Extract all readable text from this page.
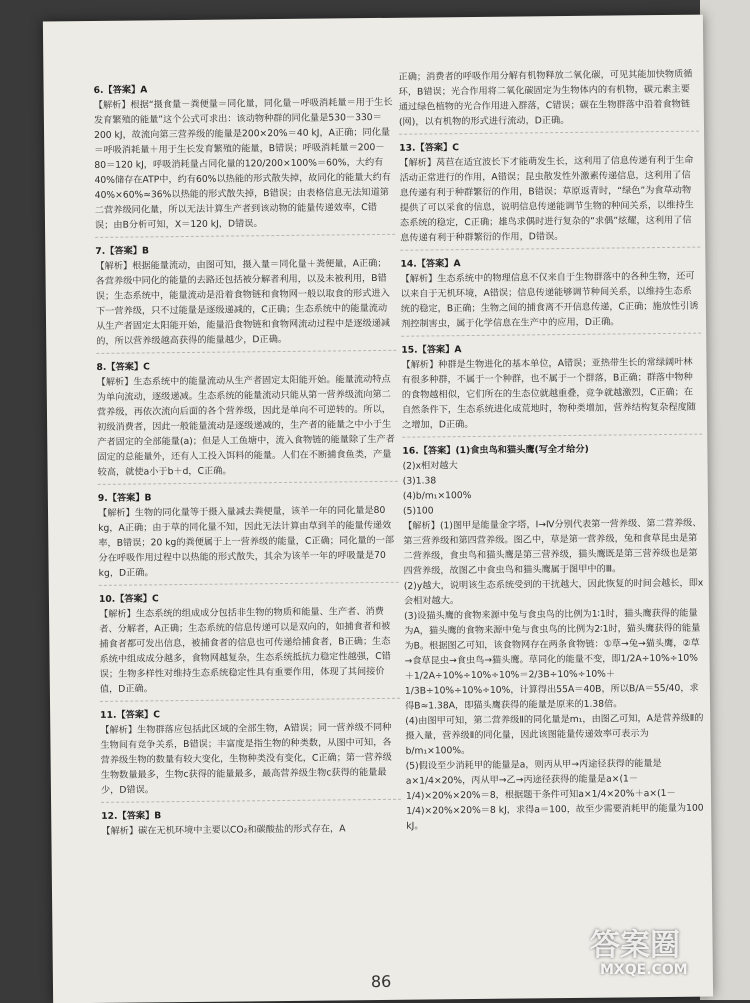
6.【答案】A
【解析】根据“摄食量－粪便量＝同化量，同化量－呼吸消耗量＝用于生长发育繁殖的能量”这个公式可求出：该动物种群的同化量是530－330＝200 kJ，故流向第三营养级的能量是200×20%＝40 kJ，A正确；同化量＝呼吸消耗量＋用于生长发育繁殖的能量，B错误；呼吸消耗量＝200－80＝120 kJ，呼吸消耗量占同化量的120/200×100%＝60%，大约有40%储存在ATP中，约有60%以热能的形式散失掉，故同化的能量大约有40%×60%≈36%以热能的形式散失掉，B错误；由表格信息无法知道第二营养级同化量，所以无法计算生产者到该动物的能量传递效率，C错误；由B分析可知，X＝120 kJ，D错误。
7.【答案】B
【解析】根据能量流动，由图可知，摄入量＝同化量＋粪便量，A正确；各营养级中同化的能量的去路还包括被分解者利用，以及未被利用，B错误；生态系统中，能量流动是沿着食物链和食物网一般以取食的形式进入下一营养级，只不过能量是逐级递减的，C正确；生态系统中的能量流动从生产者固定太阳能开始，能量沿食物链和食物网流动过程中是逐级递减的，所以营养级越高获得的能量越少，D正确。
8.【答案】C
【解析】生态系统中的能量流动从生产者固定太阳能开始。能量流动特点为单向流动，逐级递减。生态系统的能量流动只能从第一营养级流向第二营养级，再依次流向后面的各个营养级，因此是单向不可逆转的。所以，初级消费者，因此一般能量流动是逐级递减的，生产者的能量之中小于生产者固定的全部能量(a)；但是人工鱼塘中，流入食物链的能量除了生产者固定的总能量外，还有人工投入饵料的能量。人们在不断捕食鱼类，产量较高，就使a小于b＋d，C正确。
9.【答案】B
【解析】生物的同化量等于摄入量减去粪便量，该羊一年的同化量是80 kg，A正确；由于草的同化量不知，因此无法计算由草到羊的能量传递效率，B错误；20 kg的粪便属于上一营养级的能量，C正确；同化量的一部分在呼吸作用过程中以热能的形式散失，其余为该羊一年的呼吸量是70 kg，D正确。
10.【答案】C
【解析】生态系统的组成成分包括非生物的物质和能量、生产者、消费者、分解者，A正确；生态系统的信息传递可以是双向的，如捕食者和被捕食者都可发出信息，被捕食者的信息也可传递给捕食者，B正确；生态系统中组成成分越多，食物网越复杂，生态系统抵抗力稳定性越强，C错误；生物多样性对维持生态系统稳定性具有重要作用，体现了其间接价值，D正确。
11.【答案】C
【解析】生物群落应包括此区域的全部生物，A错误；同一营养级不同种生物间有竞争关系，B错误；丰富度是指生物的种类数，从图中可知，各营养级生物的数量有较大变化，生物种类没有变化，C正确；第一营养级生物数量最多，生物c获得的能量最多，最高营养级生物c获得的能量最少，D错误。
12.【答案】B
【解析】碳在无机环境中主要以CO₂和碳酸盐的形式存在，A
正确；消费者的呼吸作用分解有机物释放二氧化碳，可见其能加快物质循环，B错误；光合作用将二氧化碳固定为生物体内的有机物，碳元素主要通过绿色植物的光合作用进入群落，C错误；碳在生物群落中沿着食物链(网)，以有机物的形式进行流动，D正确。
13.【答案】C
【解析】莴苣在适宜波长下才能萌发生长，这利用了信息传递有利于生命活动正常进行的作用，A错误；昆虫散发性外激素传递信息，这利用了信息传递有利于种群繁衍的作用，B错误；草原返青时，“绿色”为食草动物提供了可以采食的信息，说明信息传递能调节生物的种间关系，以维持生态系统的稳定，C正确；雄鸟求偶时进行复杂的“求偶”炫耀，这利用了信息传递有利于种群繁衍的作用，D错误。
14.【答案】A
【解析】生态系统中的物理信息不仅来自于生物群落中的各种生物，还可以来自于无机环境，A错误；信息传递能够调节种间关系，以维持生态系统的稳定，B正确；生物之间的捕食离不开信息传递，C正确；施放性引诱剂控制害虫，属于化学信息在生产中的应用，D正确。
15.【答案】A
【解析】种群是生物进化的基本单位，A错误；亚热带生长的常绿阔叶林有很多种群，不属于一个种群，也不属于一个群落，B正确；群落中物种的食物越相似，它们所在的生态位就越重叠，竞争就越激烈，C正确；在自然条件下，生态系统进化成荒地时，物种类增加，营养结构复杂程度随之增加，D正确。
16.【答案】(1)食虫鸟和猫头鹰(写全才给分)
(2)x相对越大
(3)1.38
(4)b/m₁×100%
(5)100
【解析】(1)图甲是能量金字塔，Ⅰ→Ⅳ分别代表第一营养级、第二营养级、第三营养级和第四营养级。图乙中，草是第一营养级，兔和食草昆虫是第二营养级，食虫鸟和猫头鹰是第三营养级，猫头鹰既是第三营养级也是第四营养级，故图乙中食虫鸟和猫头鹰属于图甲中的Ⅲ。
(2)y越大，说明该生态系统受到的干扰越大，因此恢复的时间会越长，即x会相对越大。
(3)设猫头鹰的食物来源中兔与食虫鸟的比例为1∶1时，猫头鹰获得的能量为A，猫头鹰的食物来源中兔与食虫鸟的比例为2∶1时，猫头鹰获得的能量为B。根据图乙可知，该食物网存在两条食物链：①草→兔→猫头鹰，②草→食草昆虫→食虫鸟→猫头鹰。草同化的能量不变，即1/2A÷10%÷10%＋1/2A÷10%÷10%÷10%＝2/3B÷10%÷10%＋1/3B÷10%÷10%÷10%，计算得出55A＝40B，所以B/A＝55/40，求得B≈1.38A，即猫头鹰获得的能量是原来的1.38倍。
(4)由图甲可知，第二营养级Ⅱ的同化量是m₁，由图乙可知，A是营养级Ⅱ的摄入量，营养级Ⅱ的同化量，因此该图能量传递效率可表示为b/m₁×100%。
(5)假设至少消耗甲的能量是a，则丙从甲→丙途径获得的能量是a×1/4×20%，丙从甲→乙→丙途径获得的能量是a×(1－1/4)×20%×20%＝8，根据题干条件可知a×1/4×20%＋a×(1－1/4)×20%×20%＝8 kJ，求得a＝100，故至少需要消耗甲的能量为100 kJ。
86
答案圈
MXQE.COM
